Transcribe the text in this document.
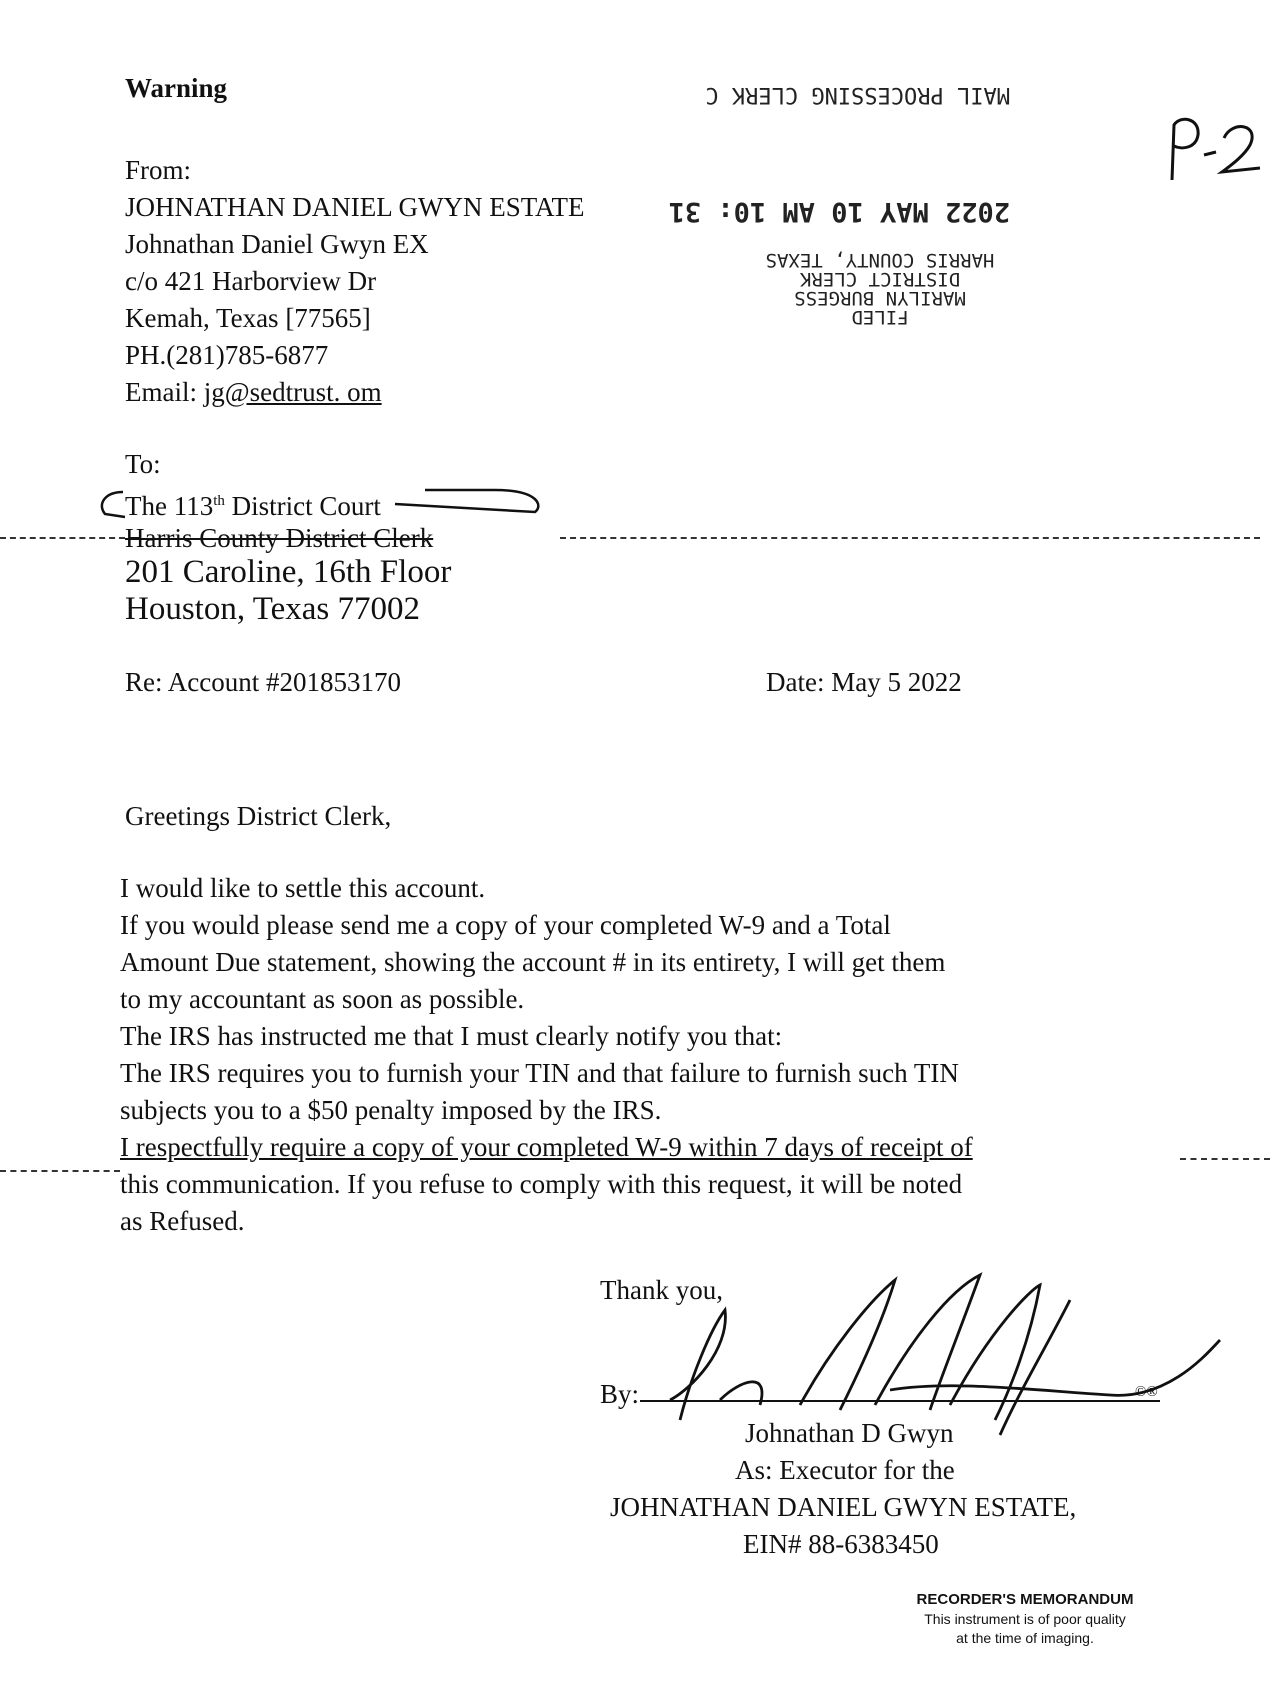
Warning	MAIL PROCESSING CLERK C
2022 MAY 10 AM 10: 31
FILED
MARILYN BURGESS
DISTRICT CLERK
HARRIS COUNTY, TEXAS
From:
JOHNATHAN DANIEL GWYN ESTATE
Johnathan Daniel Gwyn EX
c/o 421 Harborview Dr
Kemah, Texas [77565]
PH.(281)785-6877
Email: jg@sedtrust. om
To:
The 113th District Court
Harris County District Clerk
201 Caroline, 16th Floor
Houston, Texas 77002
Re: Account #201853170	Date: May 5 2022
Greetings District Clerk,
I would like to settle this account.
If you would please send me a copy of your completed W-9 and a Total
Amount Due statement, showing the account # in its entirety, I will get them
to my accountant as soon as possible.
The IRS has instructed me that I must clearly notify you that:
The IRS requires you to furnish your TIN and that failure to furnish such TIN
subjects you to a $50 penalty imposed by the IRS.
I respectfully require a copy of your completed W-9 within 7 days of receipt of
this communication. If you refuse to comply with this request, it will be noted
as Refused.
Thank you,
By:	©®
Johnathan D Gwyn
As: Executor for the
JOHNATHAN DANIEL GWYN ESTATE,
EIN# 88-6383450
RECORDER'S MEMORANDUM
This instrument is of poor quality
at the time of imaging.
